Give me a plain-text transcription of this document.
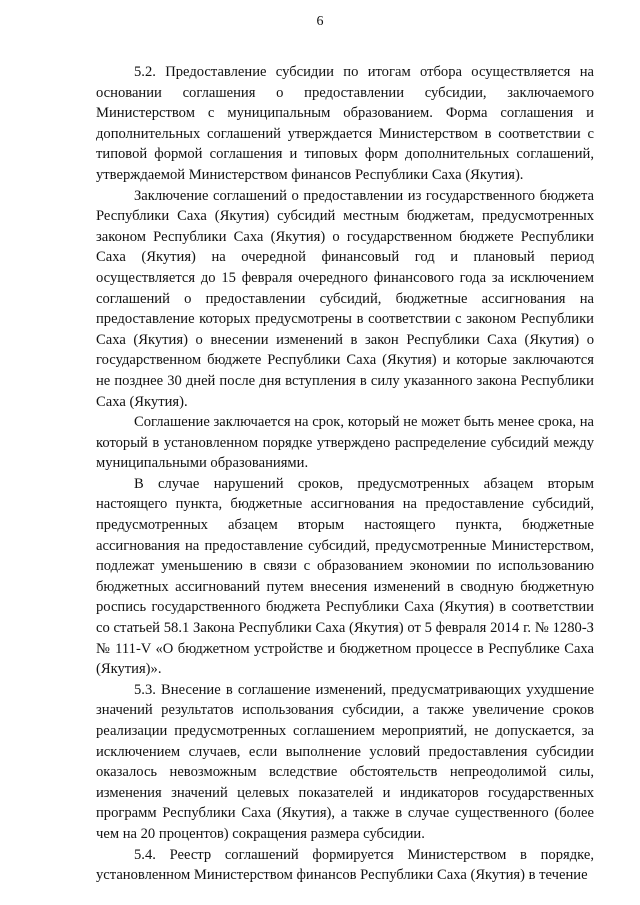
6

5.2. Предоставление субсидии по итогам отбора осуществляется на основании соглашения о предоставлении субсидии, заключаемого Министерством с муниципальным образованием. Форма соглашения и дополнительных соглашений утверждается Министерством в соответствии с типовой формой соглашения и типовых форм дополнительных соглашений, утверждаемой Министерством финансов Республики Саха (Якутия).

Заключение соглашений о предоставлении из государственного бюджета Республики Саха (Якутия) субсидий местным бюджетам, предусмотренных законом Республики Саха (Якутия) о государственном бюджете Республики Саха (Якутия) на очередной финансовый год и плановый период осуществляется до 15 февраля очередного финансового года за исключением соглашений о предоставлении субсидий, бюджетные ассигнования на предоставление которых предусмотрены в соответствии с законом Республики Саха (Якутия) о внесении изменений в закон Республики Саха (Якутия) о государственном бюджете Республики Саха (Якутия) и которые заключаются не позднее 30 дней после дня вступления в силу указанного закона Республики Саха (Якутия).

Соглашение заключается на срок, который не может быть менее срока, на который в установленном порядке утверждено распределение субсидий между муниципальными образованиями.

В случае нарушений сроков, предусмотренных абзацем вторым настоящего пункта, бюджетные ассигнования на предоставление субсидий, предусмотренных абзацем вторым настоящего пункта, бюджетные ассигнования на предоставление субсидий, предусмотренные Министерством, подлежат уменьшению в связи с образованием экономии по использованию бюджетных ассигнований путем внесения изменений в сводную бюджетную роспись государственного бюджета Республики Саха (Якутия) в соответствии со статьей 58.1 Закона Республики Саха (Якутия) от 5 февраля 2014 г. № 1280-З № 111-V «О бюджетном устройстве и бюджетном процессе в Республике Саха (Якутия)».

5.3. Внесение в соглашение изменений, предусматривающих ухудшение значений результатов использования субсидии, а также увеличение сроков реализации предусмотренных соглашением мероприятий, не допускается, за исключением случаев, если выполнение условий предоставления субсидии оказалось невозможным вследствие обстоятельств непреодолимой силы, изменения значений целевых показателей и индикаторов государственных программ Республики Саха (Якутия), а также в случае существенного (более чем на 20 процентов) сокращения размера субсидии.

5.4. Реестр соглашений формируется Министерством в порядке, установленном Министерством финансов Республики Саха (Якутия) в течение
